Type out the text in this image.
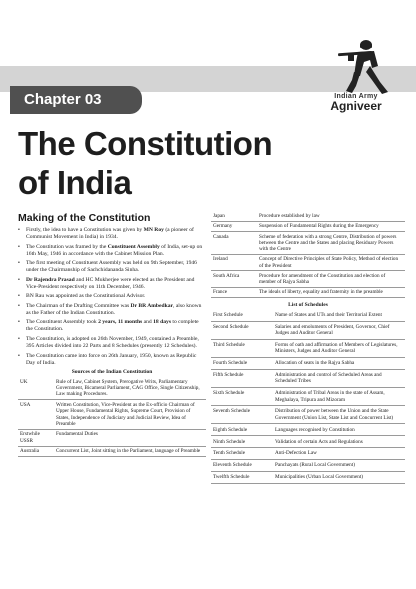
Chapter 03	Indian Army
Agniveer
The Constitution
of India
Making of the Constitution
▪ Firstly, the idea to have a Constitution was given by MN Roy (a pioneer of Communist Movement in India) in 1934.
▪ The Constitution was framed by the Constituent Assembly of India, set-up on 16th May, 1946 in accordance with the Cabinet Mission Plan.
▪ The first meeting of Constituent Assembly was held on 9th September, 1946 under the Chairmanship of Sachchidananda Sinha.
▪ Dr Rajendra Prasad and HC Mukherjee were elected as the President and Vice-President respectively on 11th December, 1946.
▪ BN Rau was appointed as the Constitutional Advisor.
▪ The Chairman of the Drafting Committee was Dr BR Ambedkar, also known as the Father of the Indian Constitution.
▪ The Constituent Assembly took 2 years, 11 months and 18 days to complete the Constitution.
▪ The Constitution, is adopted on 26th November, 1949, contained a Preamble, 395 Articles divided into 22 Parts and 8 Schedules (presently 12 Schedules).
▪ The Constitution came into force on 26th January, 1950, known as Republic Day of India.
Sources of the Indian Constitution
UK	Rule of Law, Cabinet System, Prerogative Writs, Parliamentary Government, Bicameral Parliament, CAG Office, Single Citizenship, Law making Procedures.
USA	Written Constitution, Vice-President as the Ex-officio Chairman of Upper House, Fundamental Rights, Supreme Court, Provision of States, Independence of Judiciary and Judicial Review, Idea of Preamble
Erstwhile USSR	Fundamental Duties
Australia	Concurrent List, Joint sitting in the Parliament, language of Preamble
Japan	Procedure established by law
Germany	Suspension of Fundamental Rights during the Emergency
Canada	Scheme of federation with a strong Centre, Distribution of powers between the Centre and the States and placing Residuary Powers with the Centre
Ireland	Concept of Directive Principles of State Policy, Method of election of the President
South Africa	Procedure for amendment of the Constitution and election of member of Rajya Sabha
France	The ideals of liberty, equality and fraternity in the preamble
List of Schedules
First Schedule	Name of States and UTs and their Territorial Extent
Second Schedule	Salaries and emoluments of President, Governor, Chief Judges and Auditor General
Third Schedule	Forms of oath and affirmation of Members of Legislatures, Ministers, Judges and Auditor General
Fourth Schedule	Allocation of seats in the Rajya Sabha
Fifth Schedule	Administration and control of Scheduled Areas and Scheduled Tribes
Sixth Schedule	Administration of Tribal Areas in the state of Assam, Meghalaya, Tripura and Mizoram
Seventh Schedule	Distribution of power between the Union and the State Government (Union List, State List and Concurrent List)
Eighth Schedule	Languages recognised by Constitution
Ninth Schedule	Validation of certain Acts and Regulations
Tenth Schedule	Anti-Defection Law
Eleventh Schedule	Panchayats (Rural Local Government)
Twelfth Schedule	Municipalities (Urban Local Government)
